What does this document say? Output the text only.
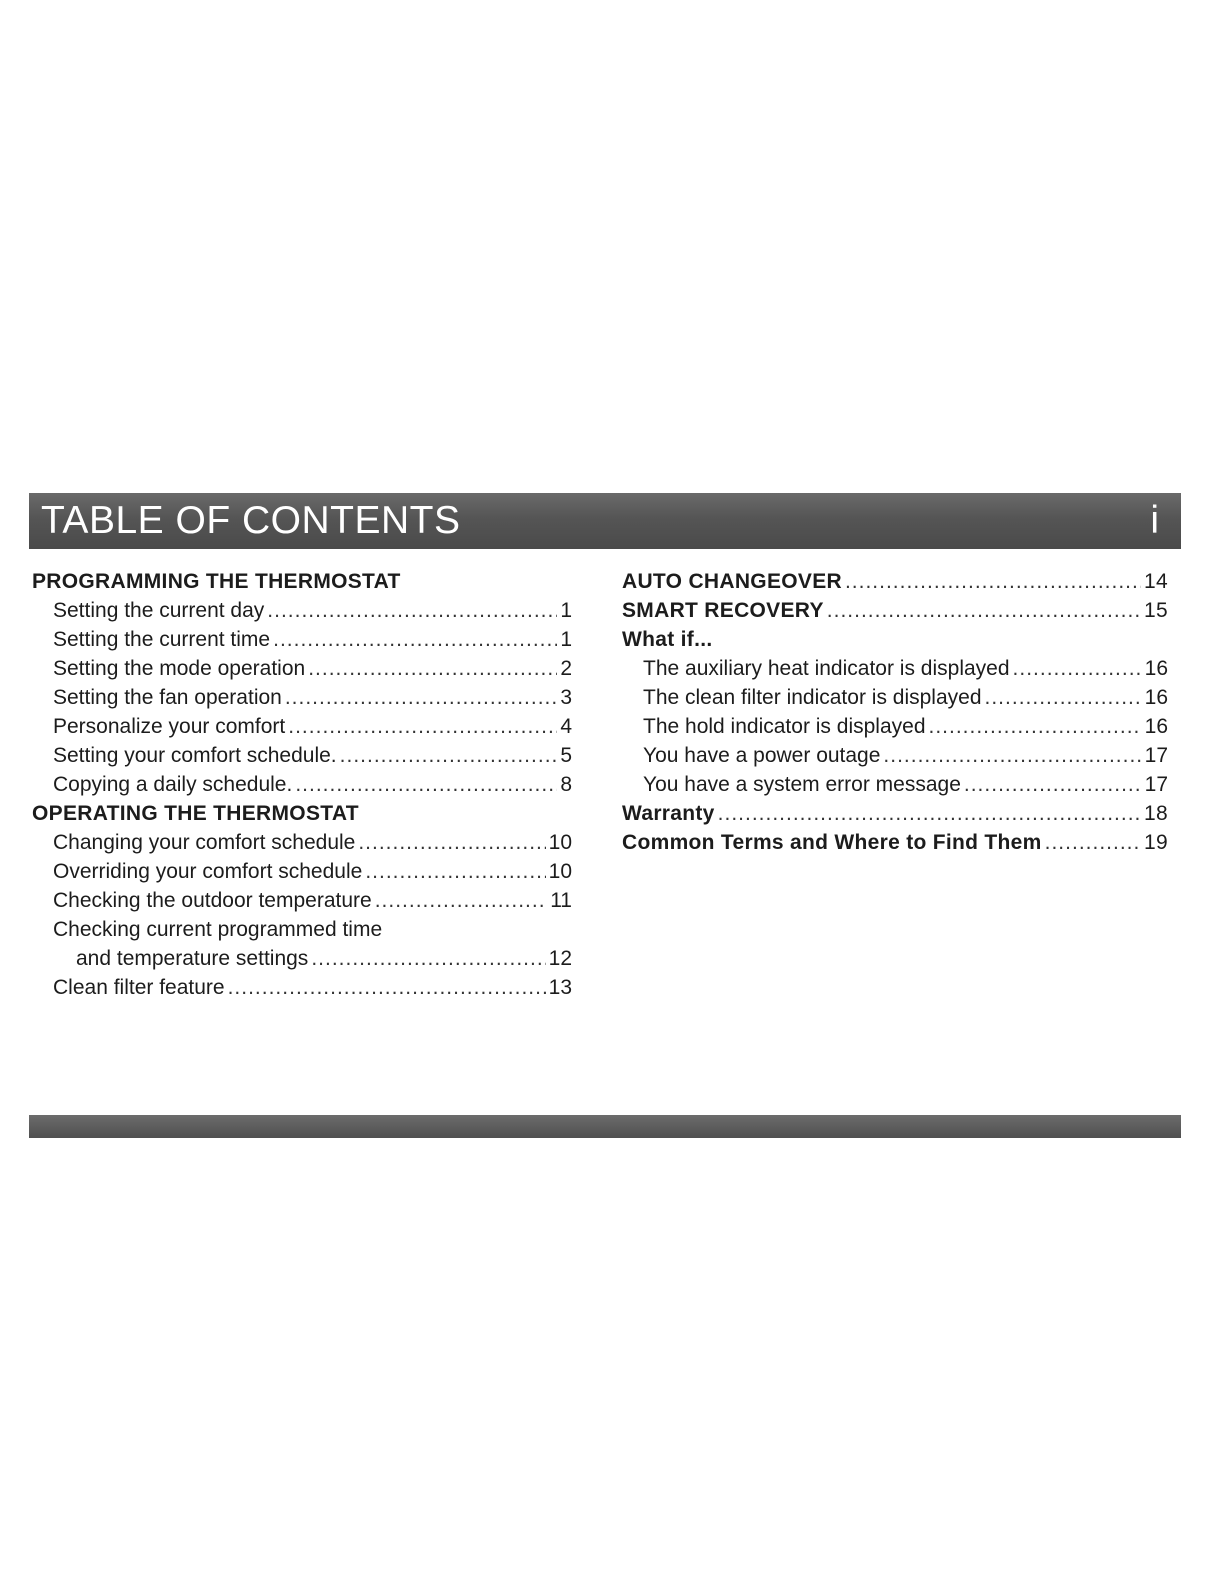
TABLE OF CONTENTS	i
PROGRAMMING THE THERMOSTAT
Setting the current day .....	1
Setting the current time .....	1
Setting the mode operation .....	2
Setting the fan operation .....	3
Personalize your comfort .....	4
Setting your comfort schedule. .....	5
Copying a daily schedule. .....	8
OPERATING THE THERMOSTAT
Changing your comfort schedule .....	10
Overriding your comfort schedule .....	10
Checking the outdoor temperature .....	11
Checking current programmed time
and temperature settings .....	12
Clean filter feature .....	13
AUTO CHANGEOVER .....	14
SMART RECOVERY .....	15
What if...
The auxiliary heat indicator is displayed .....	16
The clean filter indicator is displayed .....	16
The hold indicator is displayed .....	16
You have a power outage .....	17
You have a system error message .....	17
Warranty .....	18
Common Terms and Where to Find Them .....	19
